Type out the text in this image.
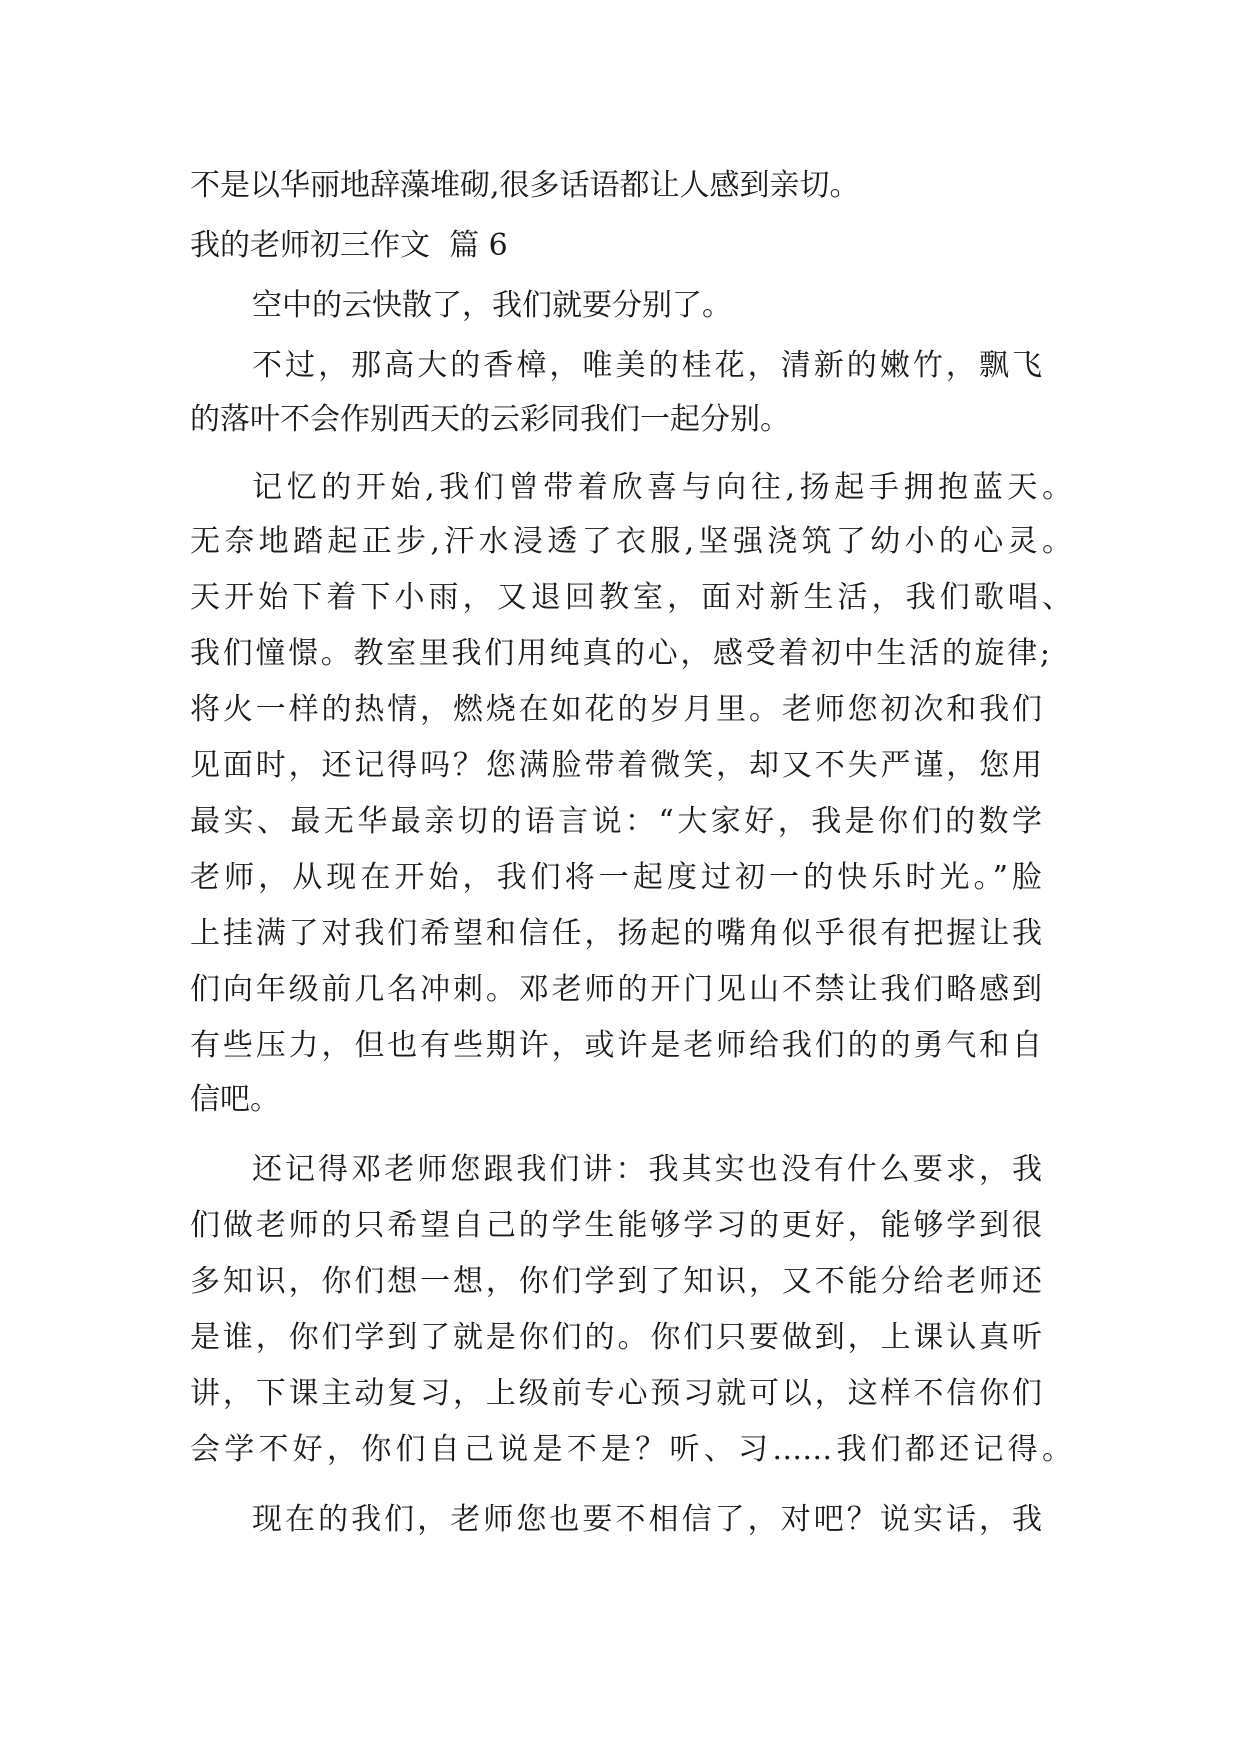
不是以华丽地辞藻堆砌,很多话语都让人感到亲切。

我的老师初三作文  篇 6

空中的云快散了，我们就要分别了。

不过，那高大的香樟，唯美的桂花，清新的嫩竹，飘飞

的落叶不会作别西天的云彩同我们一起分别。

记忆的开始,我们曾带着欣喜与向往,扬起手拥抱蓝天。

无奈地踏起正步,汗水浸透了衣服,坚强浇筑了幼小的心灵。

天开始下着下小雨，又退回教室，面对新生活，我们歌唱、

我们憧憬。教室里我们用纯真的心，感受着初中生活的旋律;

将火一样的热情，燃烧在如花的岁月里。老师您初次和我们

见面时，还记得吗？您满脸带着微笑，却又不失严谨，您用

最实、最无华最亲切的语言说：“大家好，我是你们的数学

老师，从现在开始，我们将一起度过初一的快乐时光。”脸

上挂满了对我们希望和信任，扬起的嘴角似乎很有把握让我

们向年级前几名冲刺。邓老师的开门见山不禁让我们略感到

有些压力，但也有些期许，或许是老师给我们的的勇气和自

信吧。

还记得邓老师您跟我们讲：我其实也没有什么要求，我

们做老师的只希望自己的学生能够学习的更好，能够学到很

多知识，你们想一想，你们学到了知识，又不能分给老师还

是谁，你们学到了就是你们的。你们只要做到，上课认真听

讲，下课主动复习，上级前专心预习就可以，这样不信你们

会学不好，你们自己说是不是？听、习……我们都还记得。

现在的我们，老师您也要不相信了，对吧？说实话，我
